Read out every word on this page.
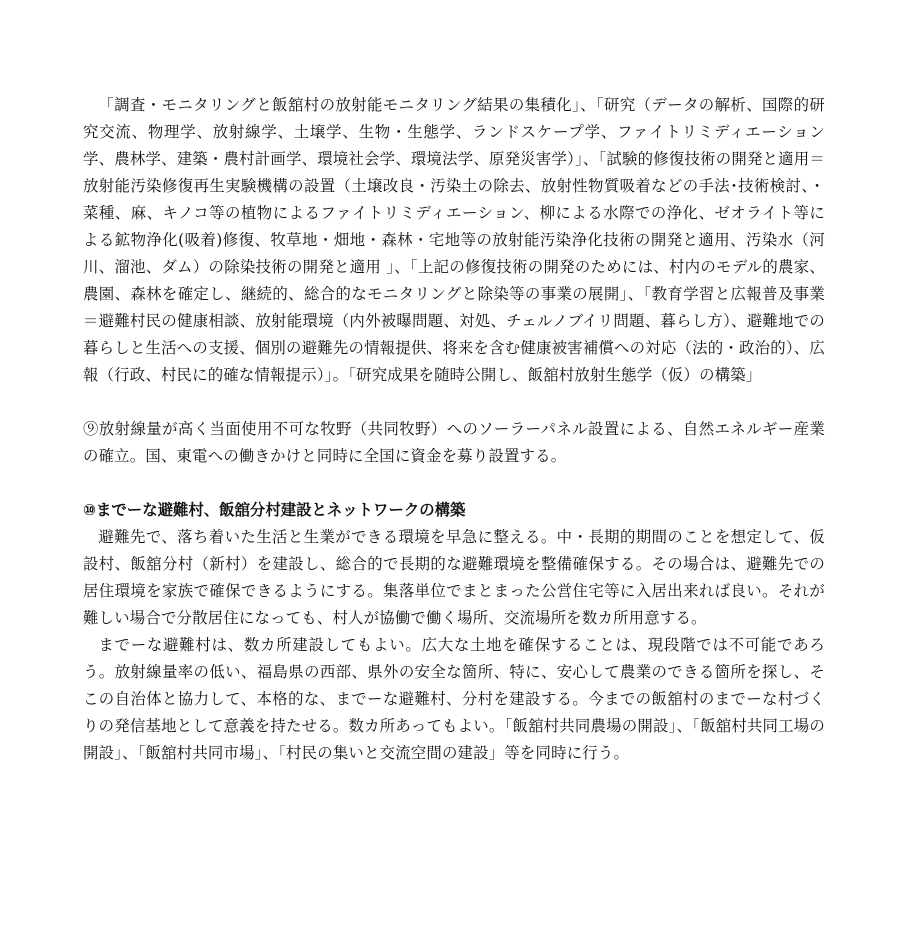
「調査・モニタリングと飯舘村の放射能モニタリング結果の集積化」、「研究（データの解析、国際的研究交流、物理学、放射線学、土壌学、生物・生態学、ランドスケープ学、ファイトリミディエーション学、農林学、建築・農村計画学、環境社会学、環境法学、原発災害学）」、「試験的修復技術の開発と適用＝放射能汚染修復再生実験機構の設置（土壌改良・汚染土の除去、放射性物質吸着などの手法･技術検討、・菜種、麻、キノコ等の植物によるファイトリミディエーション、柳による水際での浄化、ゼオライト等による鉱物浄化(吸着)修復、牧草地・畑地・森林・宅地等の放射能汚染浄化技術の開発と適用、汚染水（河川、溜池、ダム）の除染技術の開発と適用 」、「上記の修復技術の開発のためには、村内のモデル的農家、農園、森林を確定し、継続的、総合的なモニタリングと除染等の事業の展開」、「教育学習と広報普及事業＝避難村民の健康相談、放射能環境（内外被曝問題、対処、チェルノブイリ問題、暮らし方）、避難地での暮らしと生活への支援、個別の避難先の情報提供、将来を含む健康被害補償への対応（法的・政治的）、広報（行政、村民に的確な情報提示）」。「研究成果を随時公開し、飯舘村放射生態学（仮）の構築」

⑨放射線量が高く当面使用不可な牧野（共同牧野）へのソーラーパネル設置による、自然エネルギー産業の確立。国、東電への働きかけと同時に全国に資金を募り設置する。

⑩までーな避難村、飯舘分村建設とネットワークの構築

避難先で、落ち着いた生活と生業ができる環境を早急に整える。中・長期的期間のことを想定して、仮設村、飯舘分村（新村）を建設し、総合的で長期的な避難環境を整備確保する。その場合は、避難先での居住環境を家族で確保できるようにする。集落単位でまとまった公営住宅等に入居出来れば良い。それが難しい場合で分散居住になっても、村人が協働で働く場所、交流場所を数カ所用意する。

までーな避難村は、数カ所建設してもよい。広大な土地を確保することは、現段階では不可能であろう。放射線量率の低い、福島県の西部、県外の安全な箇所、特に、安心して農業のできる箇所を探し、そこの自治体と協力して、本格的な、までーな避難村、分村を建設する。今までの飯舘村のまでーな村づくりの発信基地として意義を持たせる。数カ所あってもよい。「飯舘村共同農場の開設」、「飯舘村共同工場の開設」、「飯舘村共同市場」、「村民の集いと交流空間の建設」等を同時に行う。
